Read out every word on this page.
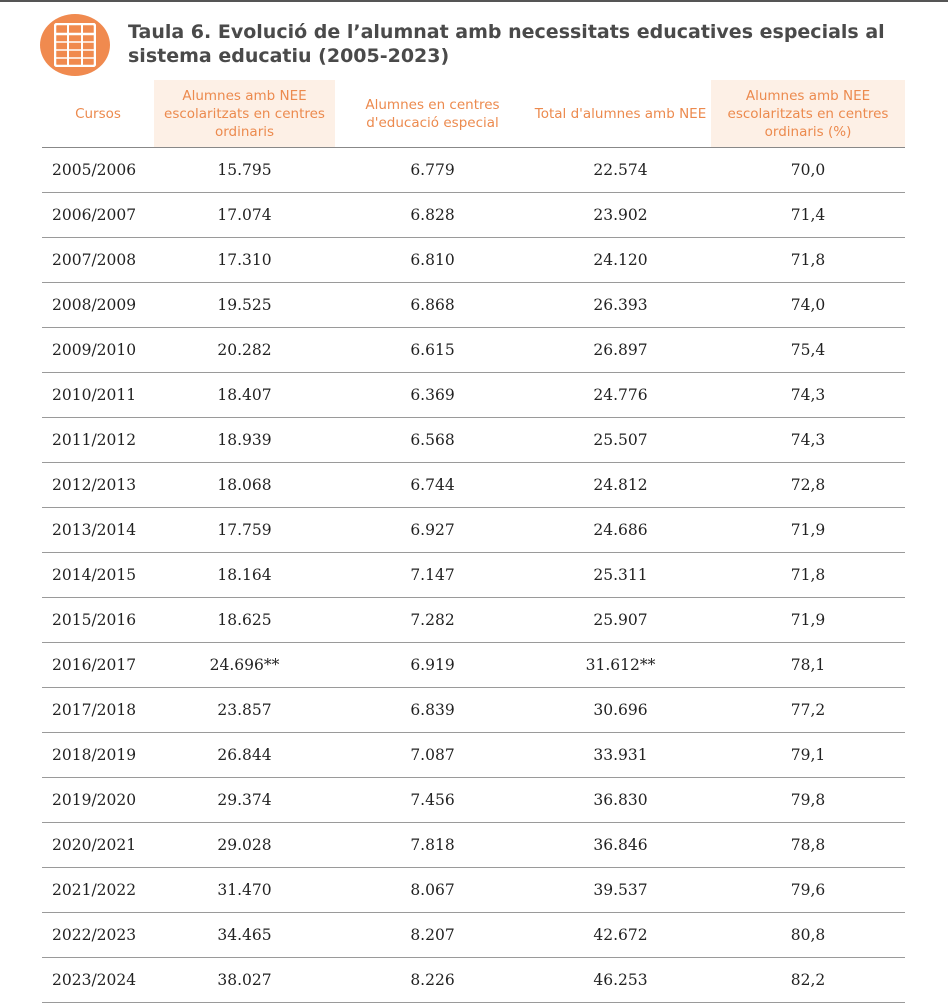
Taula 6. Evolució de l’alumnat amb necessitats educatives especials al sistema educatiu (2005-2023)
Cursos	Alumnes amb NEE escolaritzats en centres ordinaris	Alumnes en centres d'educació especial	Total d'alumnes amb NEE	Alumnes amb NEE escolaritzats en centres ordinaris (%)
2005/2006	15.795	6.779	22.574	70,0
2006/2007	17.074	6.828	23.902	71,4
2007/2008	17.310	6.810	24.120	71,8
2008/2009	19.525	6.868	26.393	74,0
2009/2010	20.282	6.615	26.897	75,4
2010/2011	18.407	6.369	24.776	74,3
2011/2012	18.939	6.568	25.507	74,3
2012/2013	18.068	6.744	24.812	72,8
2013/2014	17.759	6.927	24.686	71,9
2014/2015	18.164	7.147	25.311	71,8
2015/2016	18.625	7.282	25.907	71,9
2016/2017	24.696**	6.919	31.612**	78,1
2017/2018	23.857	6.839	30.696	77,2
2018/2019	26.844	7.087	33.931	79,1
2019/2020	29.374	7.456	36.830	79,8
2020/2021	29.028	7.818	36.846	78,8
2021/2022	31.470	8.067	39.537	79,6
2022/2023	34.465	8.207	42.672	80,8
2023/2024	38.027	8.226	46.253	82,2
